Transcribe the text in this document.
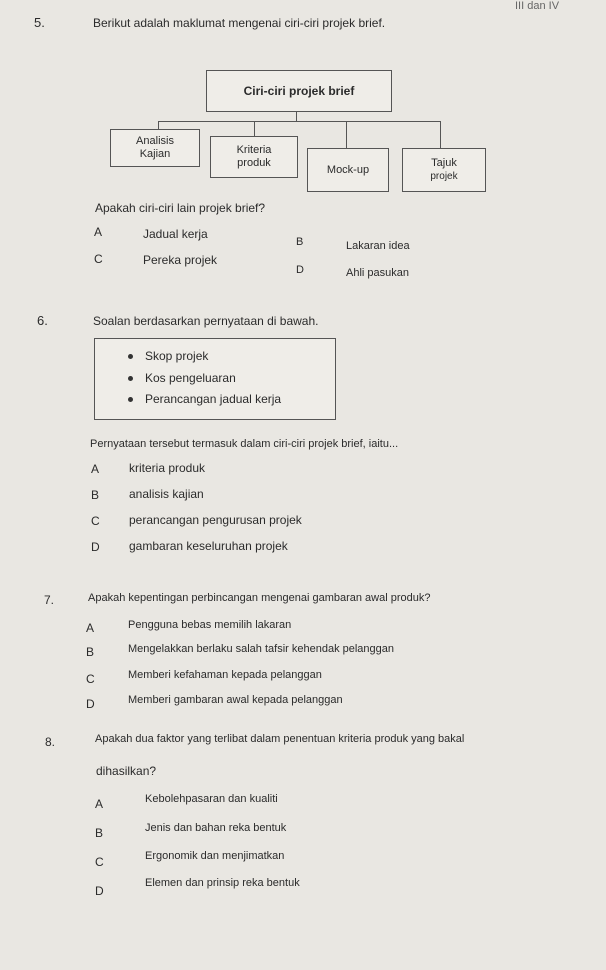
III dan IV
5.	Berikut adalah maklumat mengenai ciri-ciri projek brief.
Ciri-ciri projek brief
Analisis
Kajian	Kriteria
produk
Mock-up
Tajuk
projek
Apakah ciri-ciri lain projek brief?
A	Jadual kerja
B	Lakaran idea
C	Pereka projek
D	Ahli pasukan
6.	Soalan berdasarkan pernyataan di bawah.
Skop projek
Kos pengeluaran
Perancangan jadual kerja
Pernyataan tersebut termasuk dalam ciri-ciri projek brief, iaitu...
A kriteria produk
B analisis kajian
C perancangan pengurusan projek
D gambaran keseluruhan projek
7.	Apakah kepentingan perbincangan mengenai gambaran awal produk?
A	Pengguna bebas memilih lakaran
B	Mengelakkan berlaku salah tafsir kehendak pelanggan
C	Memberi kefahaman kepada pelanggan
D	Memberi gambaran awal kepada pelanggan
8.	Apakah dua faktor yang terlibat dalam penentuan kriteria produk yang bakal
dihasilkan?
A	Kebolehpasaran dan kualiti
B	Jenis dan bahan reka bentuk
C	Ergonomik dan menjimatkan
D
Elemen dan prinsip reka bentuk
